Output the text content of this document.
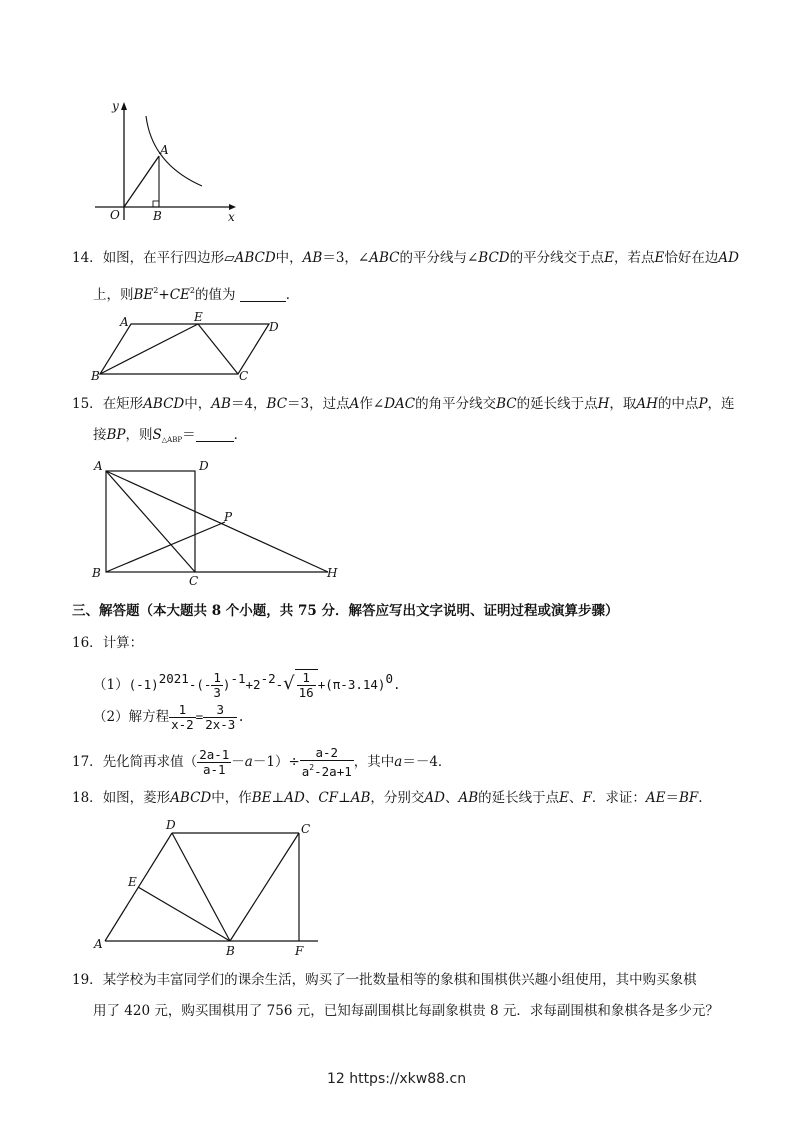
y
x
O
A
B
14．如图，在平行四边形▱ABCD中，AB＝3，∠ABC的平分线与∠BCD的平分线交于点E，若点E恰好在边AD
上，则$BE^2+CE^2$的值为	．
A	E
D
B	C
15．在矩形ABCD中，AB＝4，BC＝3，过点A作∠DAC的角平分线交BC的延长线于点H，取AH的中点P，连
接BP，则$S_{\triangle ABP}=$	．
A	D
P
B
C
H
三、解答题（本大题共 8 个小题，共 75 分．解答应写出文字说明、证明过程或演算步骤）
16．计算：
$(1)(-1)2021-(- \frac{1}{3} )-1+2-2-√ \frac{1}{16} +(\pi-3.14)0$.
（2）解方程 $\frac{1}{x-2} = \frac{3}{2x-3}$ .
17．先化简再求值（ $\frac{2a-1}{a-1} -a-1)\div \frac{a-2}{a^2-2a+1}$ ，其中a＝－4．
18．如图，菱形ABCD中，作BE⊥AD、CF⊥AB，分别交AD、AB的延长线于点E、F．求证：AE＝BF.
D	C
E
A	B	F
19．某学校为丰富同学们的课余生活，购买了一批数量相等的象棋和围棋供兴趣小组使用，其中购买象棋
用了 420 元，购买围棋用了 756 元，已知每副围棋比每副象棋贵 8 元．求每副围棋和象棋各是多少元？
12 https://xkw88.cn
